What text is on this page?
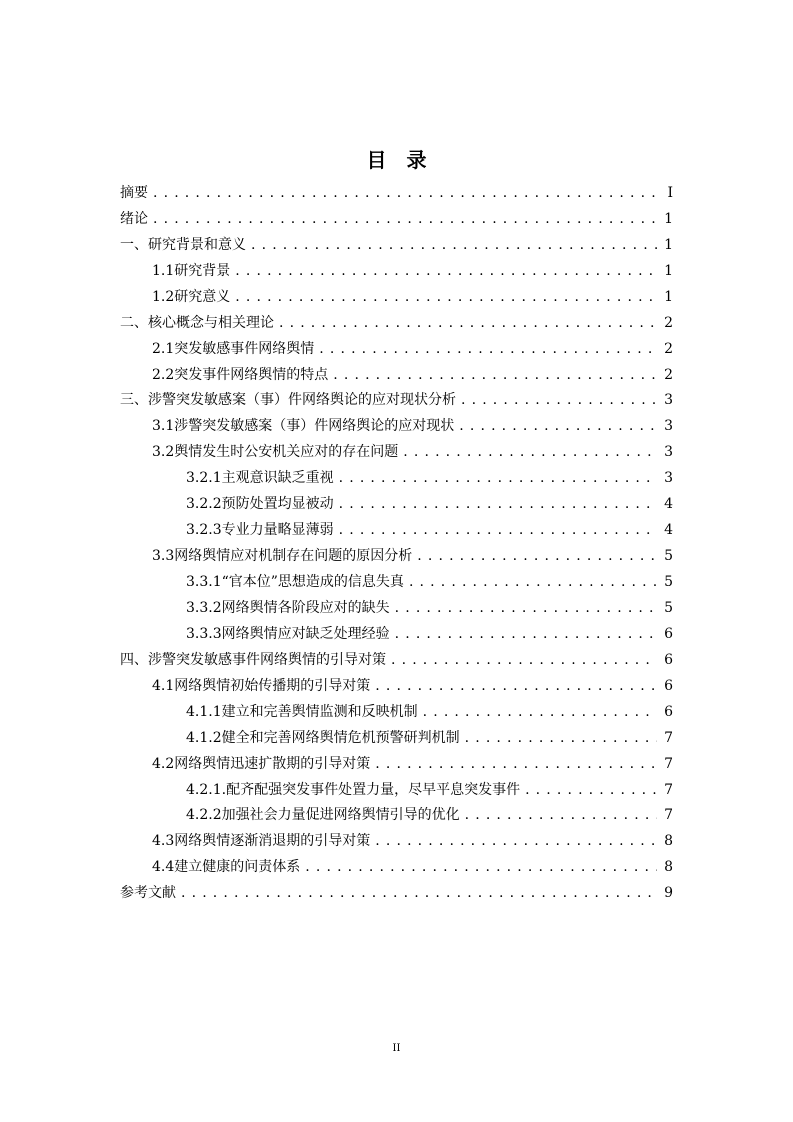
目　录
摘要 . . .	I
绪论 . . .	1
一、研究背景和意义 . . .	1
1.1研究背景 . . .	1
1.2研究意义 . . .	1
二、核心概念与相关理论 . . .	2
2.1突发敏感事件网络舆情 . . .	2
2.2突发事件网络舆情的特点 . . .	2
三、涉警突发敏感案（事）件网络舆论的应对现状分析 . . .	3
3.1涉警突发敏感案（事）件网络舆论的应对现状 . . .	3
3.2舆情发生时公安机关应对的存在问题 . . .	3
3.2.1主观意识缺乏重视 . . .	3
3.2.2预防处置均显被动 . . .	4
3.2.3专业力量略显薄弱 . . .	4
3.3网络舆情应对机制存在问题的原因分析 . . .	5
3.3.1“官本位”思想造成的信息失真 . . .	5
3.3.2网络舆情各阶段应对的缺失 . . .	5
3.3.3网络舆情应对缺乏处理经验 . . .	6
四、涉警突发敏感事件网络舆情的引导对策 . . .	6
4.1网络舆情初始传播期的引导对策 . . .	6
4.1.1建立和完善舆情监测和反映机制 . . .	6
4.1.2健全和完善网络舆情危机预警研判机制 . . .	7
4.2网络舆情迅速扩散期的引导对策 . . .	7
4.2.1.配齐配强突发事件处置力量，尽早平息突发事件 . . .	7
4.2.2加强社会力量促进网络舆情引导的优化 . . .	7
4.3网络舆情逐渐消退期的引导对策 . . .	8
4.4建立健康的问责体系 . . .	8
参考文献 . . .	9
II
